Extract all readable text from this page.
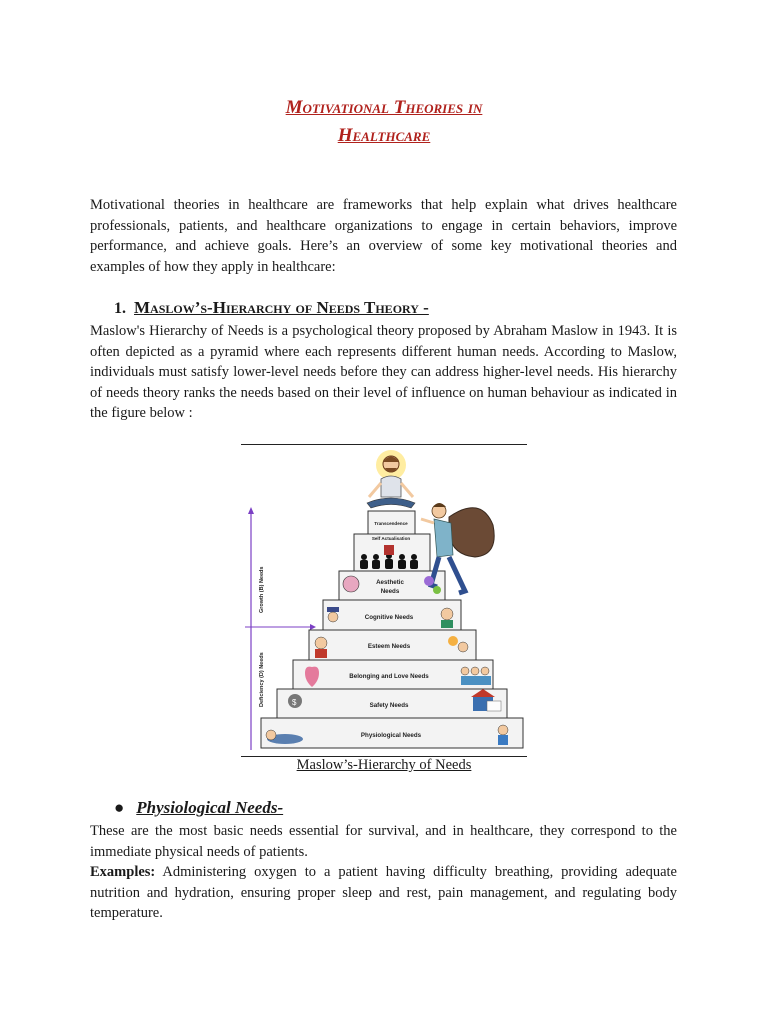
Motivational Theories in
Healthcare

Motivational theories in healthcare are frameworks that help explain what drives healthcare professionals, patients, and healthcare organizations to engage in certain behaviors, improve performance, and achieve goals. Here’s an overview of some key motivational theories and examples of how they apply in healthcare:

1. Maslow’s-Hierarchy of Needs Theory -

Maslow's Hierarchy of Needs is a psychological theory proposed by Abraham Maslow in 1943. It is often depicted as a pyramid where each represents different human needs. According to Maslow, individuals must satisfy lower-level needs before they can address higher-level needs. His hierarchy of needs theory ranks the needs based on their level of influence on human behaviour as indicated in the figure below :

Growth (B) Needs
Deficiency (D) Needs
Transcendence
Self Actualisation
Aesthetic
Needs
Cognitive Needs
Esteem Needs
Belonging and Love Needs
Safety Needs
Physiological Needs
$
Maslow’s-Hierarchy of Needs
● Physiological Needs-

These are the most basic needs essential for survival, and in healthcare, they correspond to the immediate physical needs of patients.

Examples: Administering oxygen to a patient having difficulty breathing, providing adequate nutrition and hydration, ensuring proper sleep and rest, pain management, and regulating body temperature.
